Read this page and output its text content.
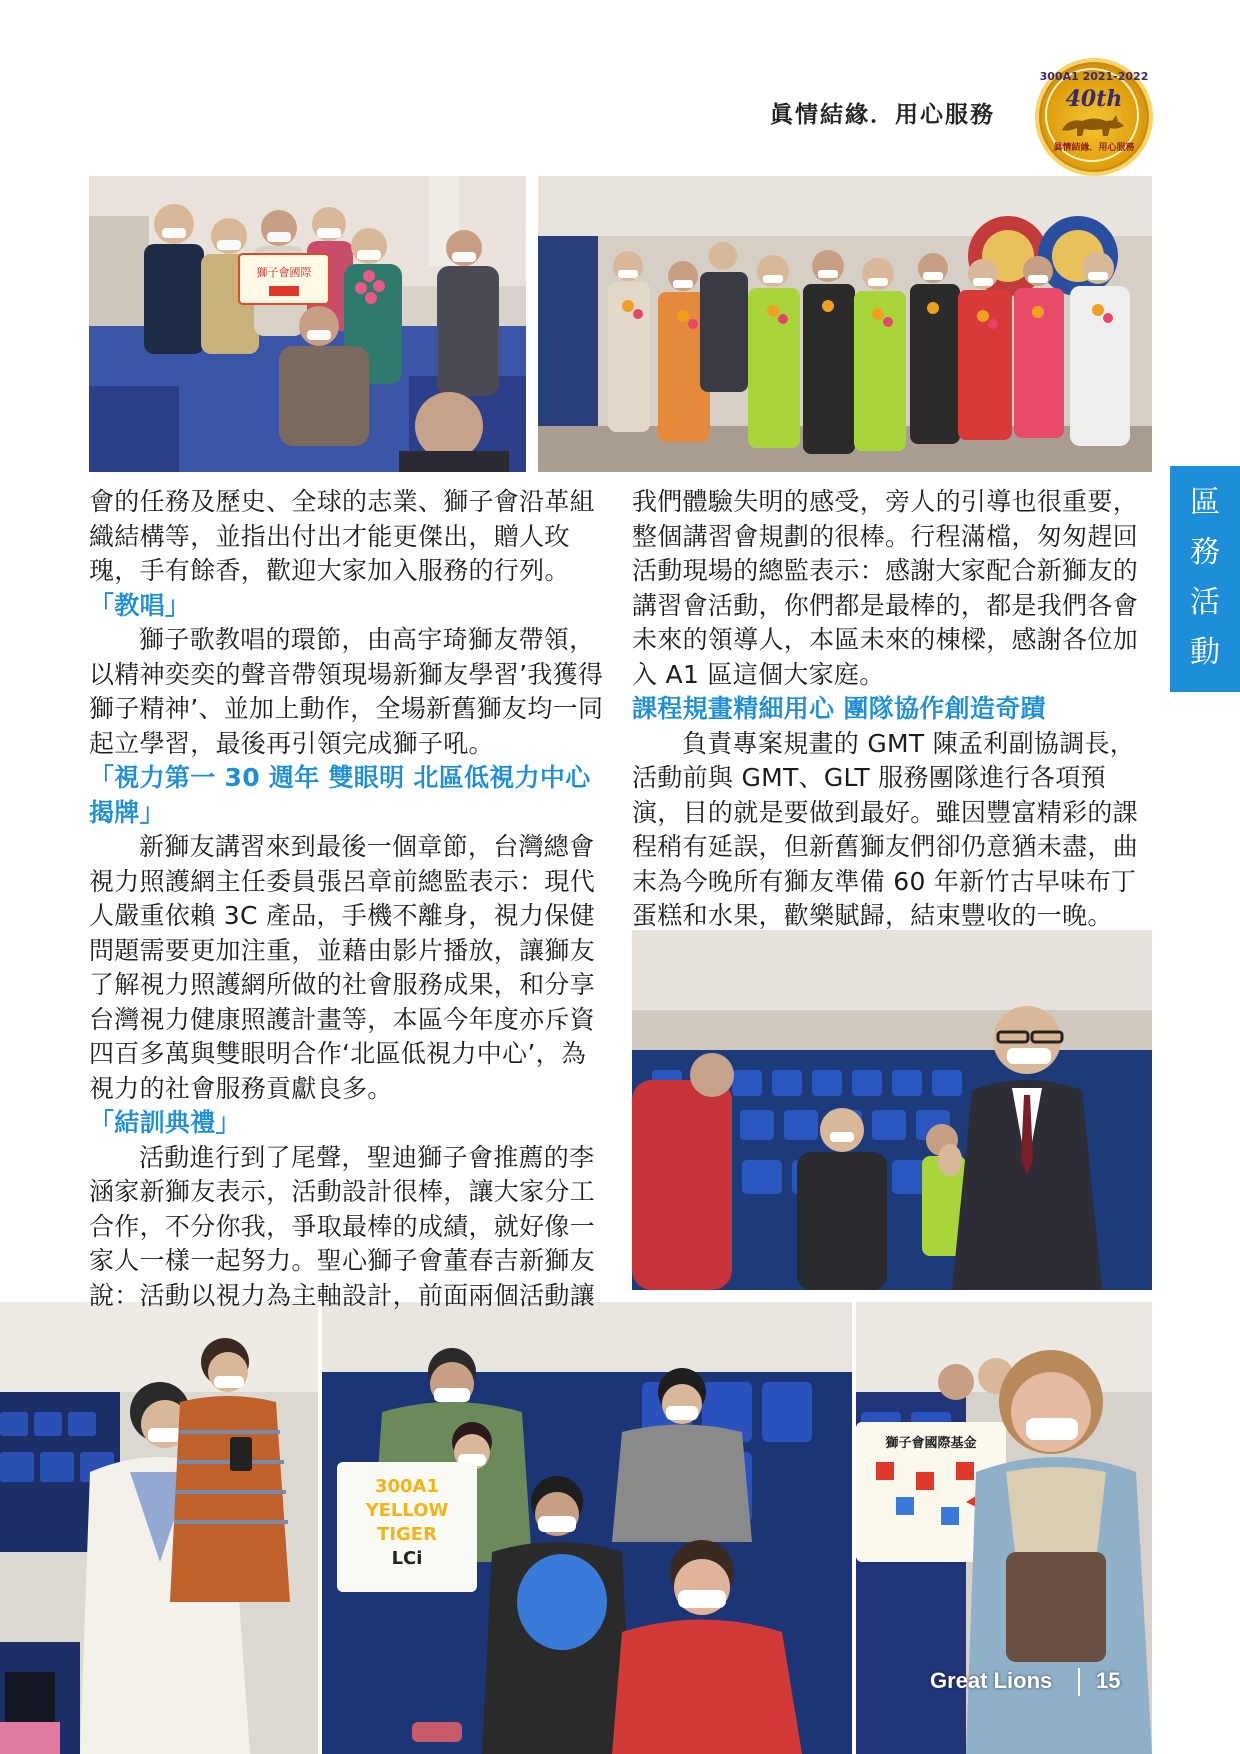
眞情結緣．用心服務
300A1 2021-2022
40th
眞情結緣．用心服務
區
務
活
動
獅子會國際
300A1
YELLOW
TIGER
LCi
獅子會國際基金

會的任務及歷史、全球的志業、獅子會沿革組織結構等，並指出付出才能更傑出，贈人玫瑰，手有餘香，歡迎大家加入服務的行列。

「教唱」

獅子歌教唱的環節，由高宇琦獅友帶領，以精神奕奕的聲音帶領現場新獅友學習’我獲得獅子精神’、並加上動作，全場新舊獅友均一同起立學習，最後再引領完成獅子吼。

「視力第一 30 週年 雙眼明 北區低視力中心揭牌」

新獅友講習來到最後一個章節，台灣總會視力照護網主任委員張呂章前總監表示：現代人嚴重依賴 3C 產品，手機不離身，視力保健問題需要更加注重，並藉由影片播放，讓獅友了解視力照護網所做的社會服務成果，和分享台灣視力健康照護計畫等，本區今年度亦斥資四百多萬與雙眼明合作‘北區低視力中心’，為視力的社會服務貢獻良多。

「結訓典禮」

活動進行到了尾聲，聖迪獅子會推薦的李涵家新獅友表示，活動設計很棒，讓大家分工合作，不分你我，爭取最棒的成績，就好像一家人一樣一起努力。聖心獅子會董春吉新獅友說：活動以視力為主軸設計，前面兩個活動讓

我們體驗失明的感受，旁人的引導也很重要，整個講習會規劃的很棒。行程滿檔，匆匆趕回活動現場的總監表示：感謝大家配合新獅友的講習會活動，你們都是最棒的，都是我們各會未來的領導人，本區未來的棟樑，感謝各位加入 A1 區這個大家庭。

課程規畫精細用心 團隊協作創造奇蹟

負責專案規畫的 GMT 陳孟利副協調長，活動前與 GMT、GLT 服務團隊進行各項預演，目的就是要做到最好。雖因豐富精彩的課程稍有延誤，但新舊獅友們卻仍意猶未盡，曲末為今晚所有獅友準備 60 年新竹古早味布丁蛋糕和水果，歡樂賦歸，結束豐收的一晚。

Great Lions 15
